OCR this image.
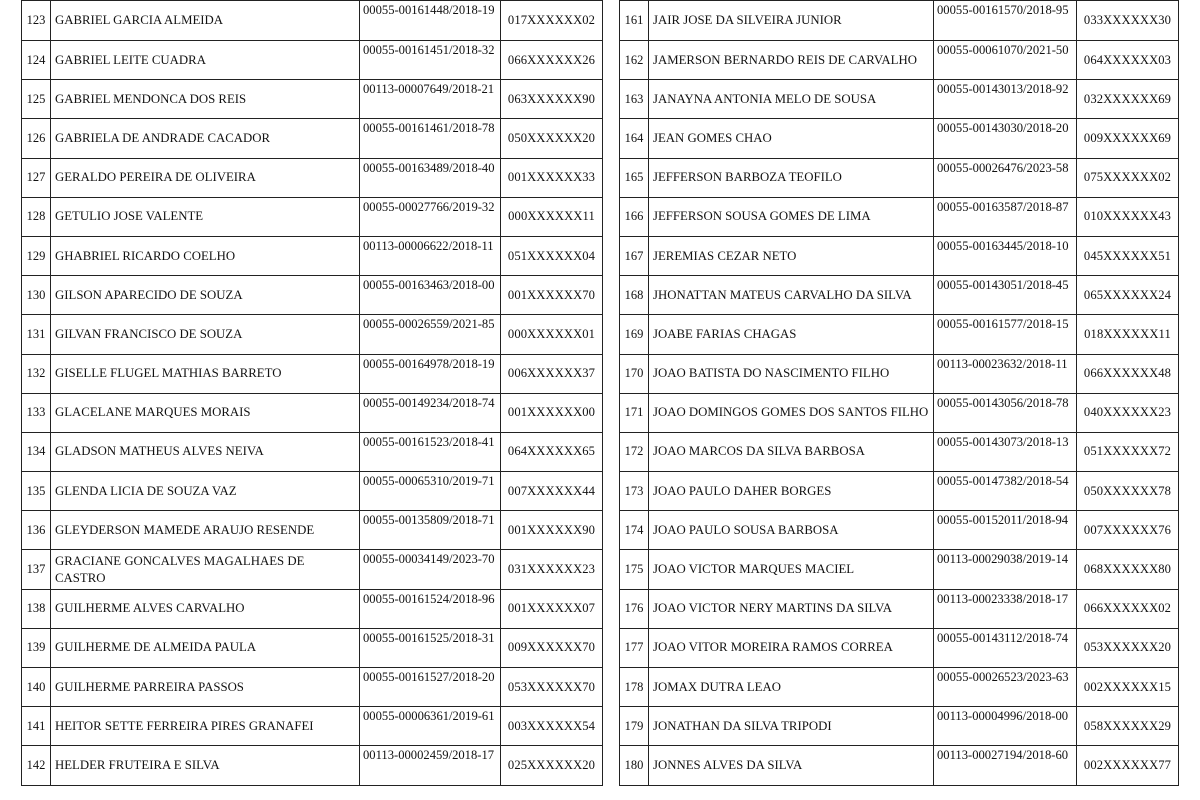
123	GABRIEL GARCIA ALMEIDA	00055-00161448/2018-19	017XXXXXX02
124	GABRIEL LEITE CUADRA	00055-00161451/2018-32	066XXXXXX26
125	GABRIEL MENDONCA DOS REIS	00113-00007649/2018-21	063XXXXXX90
126	GABRIELA DE ANDRADE CACADOR	00055-00161461/2018-78	050XXXXXX20
127	GERALDO PEREIRA DE OLIVEIRA	00055-00163489/2018-40	001XXXXXX33
128	GETULIO JOSE VALENTE	00055-00027766/2019-32	000XXXXXX11
129	GHABRIEL RICARDO COELHO	00113-00006622/2018-11	051XXXXXX04
130	GILSON APARECIDO DE SOUZA	00055-00163463/2018-00	001XXXXXX70
131	GILVAN FRANCISCO DE SOUZA	00055-00026559/2021-85	000XXXXXX01
132	GISELLE FLUGEL MATHIAS BARRETO	00055-00164978/2018-19	006XXXXXX37
133	GLACELANE MARQUES MORAIS	00055-00149234/2018-74	001XXXXXX00
134	GLADSON MATHEUS ALVES NEIVA	00055-00161523/2018-41	064XXXXXX65
135	GLENDA LICIA DE SOUZA VAZ	00055-00065310/2019-71	007XXXXXX44
136	GLEYDERSON MAMEDE ARAUJO RESENDE	00055-00135809/2018-71	001XXXXXX90
137	GRACIANE GONCALVES MAGALHAES DE CASTRO	00055-00034149/2023-70	031XXXXXX23
138	GUILHERME ALVES CARVALHO	00055-00161524/2018-96	001XXXXXX07
139	GUILHERME DE ALMEIDA PAULA	00055-00161525/2018-31	009XXXXXX70
140	GUILHERME PARREIRA PASSOS	00055-00161527/2018-20	053XXXXXX70
141	HEITOR SETTE FERREIRA PIRES GRANAFEI	00055-00006361/2019-61	003XXXXXX54
142	HELDER FRUTEIRA E SILVA	00113-00002459/2018-17	025XXXXXX20
161	JAIR JOSE DA SILVEIRA JUNIOR	00055-00161570/2018-95	033XXXXXX30
162	JAMERSON BERNARDO REIS DE CARVALHO	00055-00061070/2021-50	064XXXXXX03
163	JANAYNA ANTONIA MELO DE SOUSA	00055-00143013/2018-92	032XXXXXX69
164	JEAN GOMES CHAO	00055-00143030/2018-20	009XXXXXX69
165	JEFFERSON BARBOZA TEOFILO	00055-00026476/2023-58	075XXXXXX02
166	JEFFERSON SOUSA GOMES DE LIMA	00055-00163587/2018-87	010XXXXXX43
167	JEREMIAS CEZAR NETO	00055-00163445/2018-10	045XXXXXX51
168	JHONATTAN MATEUS CARVALHO DA SILVA	00055-00143051/2018-45	065XXXXXX24
169	JOABE FARIAS CHAGAS	00055-00161577/2018-15	018XXXXXX11
170	JOAO BATISTA DO NASCIMENTO FILHO	00113-00023632/2018-11	066XXXXXX48
171	JOAO DOMINGOS GOMES DOS SANTOS FILHO	00055-00143056/2018-78	040XXXXXX23
172	JOAO MARCOS DA SILVA BARBOSA	00055-00143073/2018-13	051XXXXXX72
173	JOAO PAULO DAHER BORGES	00055-00147382/2018-54	050XXXXXX78
174	JOAO PAULO SOUSA BARBOSA	00055-00152011/2018-94	007XXXXXX76
175	JOAO VICTOR MARQUES MACIEL	00113-00029038/2019-14	068XXXXXX80
176	JOAO VICTOR NERY MARTINS DA SILVA	00113-00023338/2018-17	066XXXXXX02
177	JOAO VITOR MOREIRA RAMOS CORREA	00055-00143112/2018-74	053XXXXXX20
178	JOMAX DUTRA LEAO	00055-00026523/2023-63	002XXXXXX15
179	JONATHAN DA SILVA TRIPODI	00113-00004996/2018-00	058XXXXXX29
180	JONNES ALVES DA SILVA	00113-00027194/2018-60	002XXXXXX77
